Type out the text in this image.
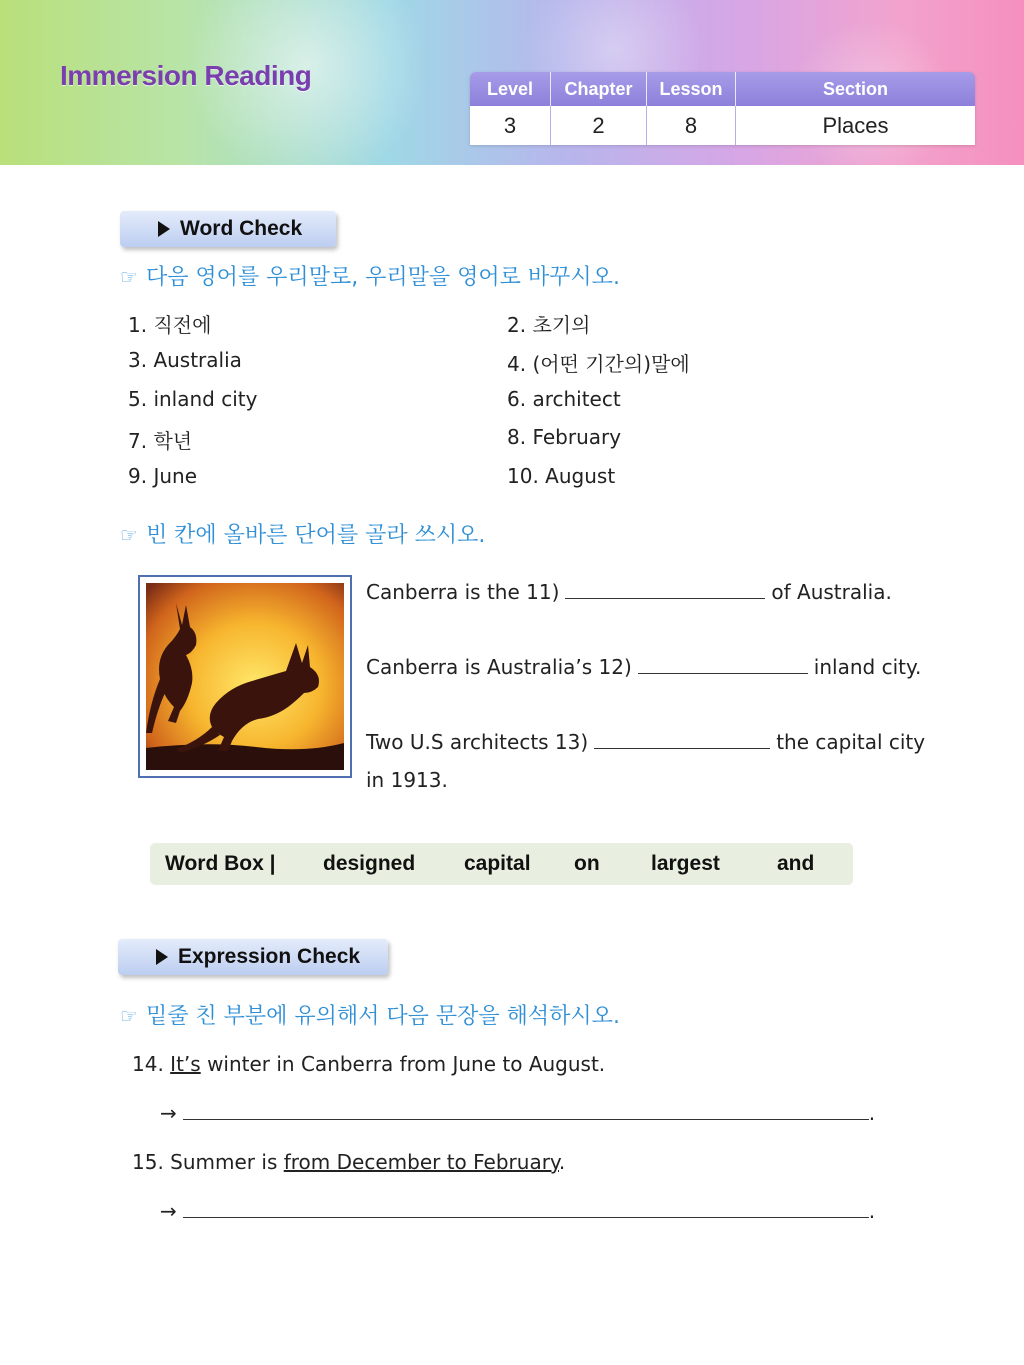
Immersion Reading	Level	Chapter	Lesson	Section
3	2	8	Places
Word Check
☞ 다음 영어를 우리말로, 우리말을 영어로 바꾸시오.
1. 직전에	2. 초기의
3. Australia	4. (어떤 기간의)말에
5. inland city	6. architect
7. 학년	8. February
9. June	10. August
☞ 빈 칸에 올바른 단어를 골라 쓰시오.
Canberra is the 11)	of Australia.
Canberra is Australia’s 12)	inland city.
Two U.S architects 13)	the capital city
in 1913.
Word Box | designed capital on largest	and
Expression Check
☞ 밑줄 친 부분에 유의해서 다음 문장을 해석하시오.
14. It’s winter in Canberra from June to August.
→	.
15. Summer is from December to February.
→	.
